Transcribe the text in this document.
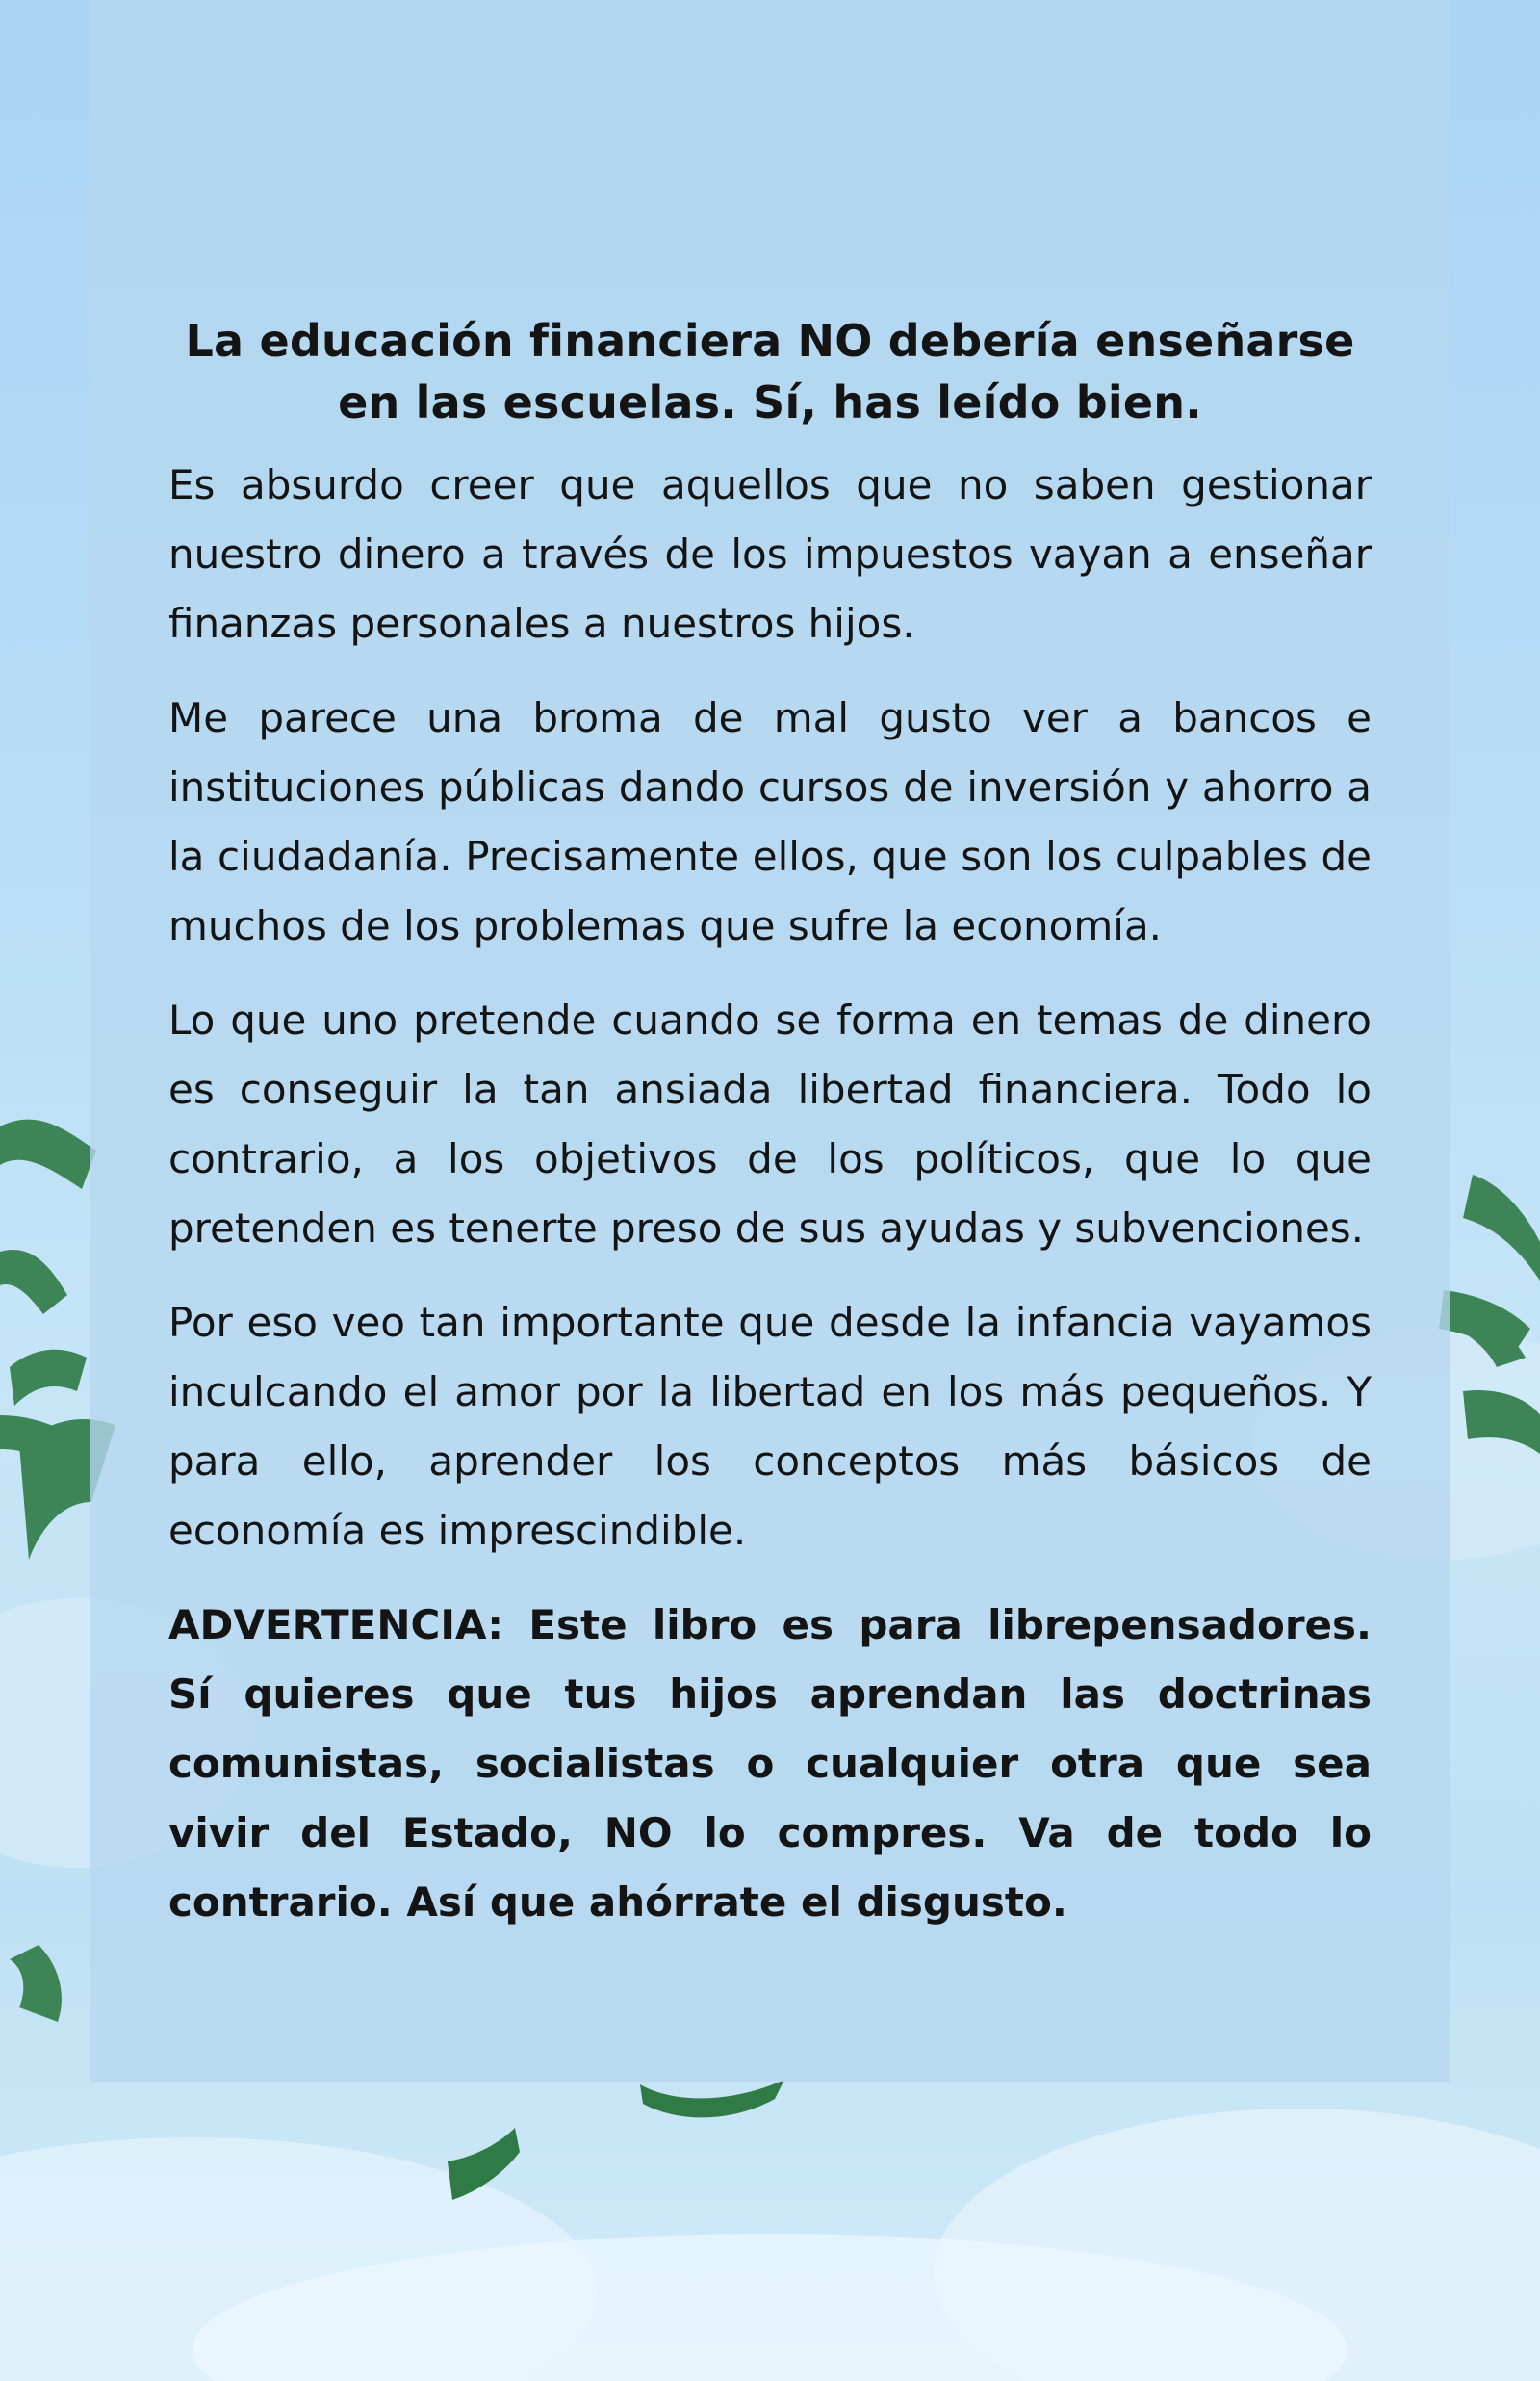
La educación financiera NO debería enseñarse
en las escuelas. Sí, has leído bien.

Es absurdo creer que aquellos que no saben gestionar nuestro dinero a través de los impuestos vayan a enseñar finanzas personales a nuestros hijos.

Me parece una broma de mal gusto ver a bancos e instituciones públicas dando cursos de inversión y ahorro a la ciudadanía. Precisamente ellos, que son los culpables de muchos de los problemas que sufre la economía.

Lo que uno pretende cuando se forma en temas de dinero es conseguir la tan ansiada libertad financiera. Todo lo contrario, a los objetivos de los políticos, que lo que pretenden es tenerte preso de sus ayudas y subvenciones.

Por eso veo tan importante que desde la infancia vayamos inculcando el amor por la libertad en los más pequeños. Y para ello, aprender los conceptos más básicos de economía es imprescindible.

ADVERTENCIA: Este libro es para librepensadores. Sí quieres que tus hijos aprendan las doctrinas comunistas, socialistas o cualquier otra que sea vivir del Estado, NO lo compres. Va de todo lo contrario. Así que ahórrate el disgusto.
